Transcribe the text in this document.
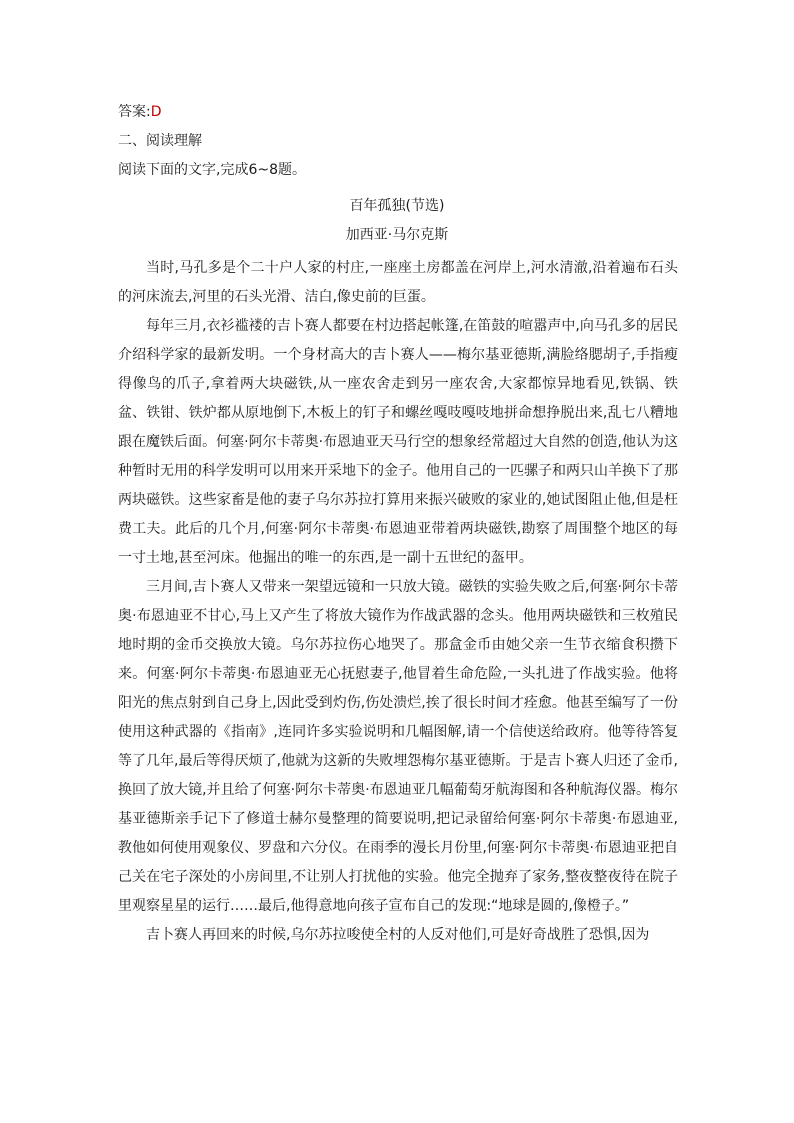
答案:D
二、阅读理解
阅读下面的文字,完成6~8题。
百年孤独(节选)
加西亚·马尔克斯

当时,马孔多是个二十户人家的村庄,一座座土房都盖在河岸上,河水清澈,沿着遍布石头的河床流去,河里的石头光滑、洁白,像史前的巨蛋。

每年三月,衣衫褴褛的吉卜赛人都要在村边搭起帐篷,在笛鼓的喧嚣声中,向马孔多的居民介绍科学家的最新发明。一个身材高大的吉卜赛人——梅尔基亚德斯,满脸络腮胡子,手指瘦得像鸟的爪子,拿着两大块磁铁,从一座农舍走到另一座农舍,大家都惊异地看见,铁锅、铁盆、铁钳、铁炉都从原地倒下,木板上的钉子和螺丝嘎吱嘎吱地拼命想挣脱出来,乱七八糟地跟在魔铁后面。何塞·阿尔卡蒂奥·布恩迪亚天马行空的想象经常超过大自然的创造,他认为这种暂时无用的科学发明可以用来开采地下的金子。他用自己的一匹骡子和两只山羊换下了那两块磁铁。这些家畜是他的妻子乌尔苏拉打算用来振兴破败的家业的,她试图阻止他,但是枉费工夫。此后的几个月,何塞·阿尔卡蒂奥·布恩迪亚带着两块磁铁,勘察了周围整个地区的每一寸土地,甚至河床。他掘出的唯一的东西,是一副十五世纪的盔甲。

三月间,吉卜赛人又带来一架望远镜和一只放大镜。磁铁的实验失败之后,何塞·阿尔卡蒂奥·布恩迪亚不甘心,马上又产生了将放大镜作为作战武器的念头。他用两块磁铁和三枚殖民地时期的金币交换放大镜。乌尔苏拉伤心地哭了。那盒金币由她父亲一生节衣缩食积攒下来。何塞·阿尔卡蒂奥·布恩迪亚无心抚慰妻子,他冒着生命危险,一头扎进了作战实验。他将阳光的焦点射到自己身上,因此受到灼伤,伤处溃烂,挨了很长时间才痊愈。他甚至编写了一份使用这种武器的《指南》,连同许多实验说明和几幅图解,请一个信使送给政府。他等待答复等了几年,最后等得厌烦了,他就为这新的失败埋怨梅尔基亚德斯。于是吉卜赛人归还了金币,换回了放大镜,并且给了何塞·阿尔卡蒂奥·布恩迪亚几幅葡萄牙航海图和各种航海仪器。梅尔基亚德斯亲手记下了修道士赫尔曼整理的简要说明,把记录留给何塞·阿尔卡蒂奥·布恩迪亚,教他如何使用观象仪、罗盘和六分仪。在雨季的漫长月份里,何塞·阿尔卡蒂奥·布恩迪亚把自己关在宅子深处的小房间里,不让别人打扰他的实验。他完全抛弃了家务,整夜整夜待在院子里观察星星的运行……最后,他得意地向孩子宣布自己的发现:“地球是圆的,像橙子。”

吉卜赛人再回来的时候,乌尔苏拉唆使全村的人反对他们,可是好奇战胜了恐惧,因为
